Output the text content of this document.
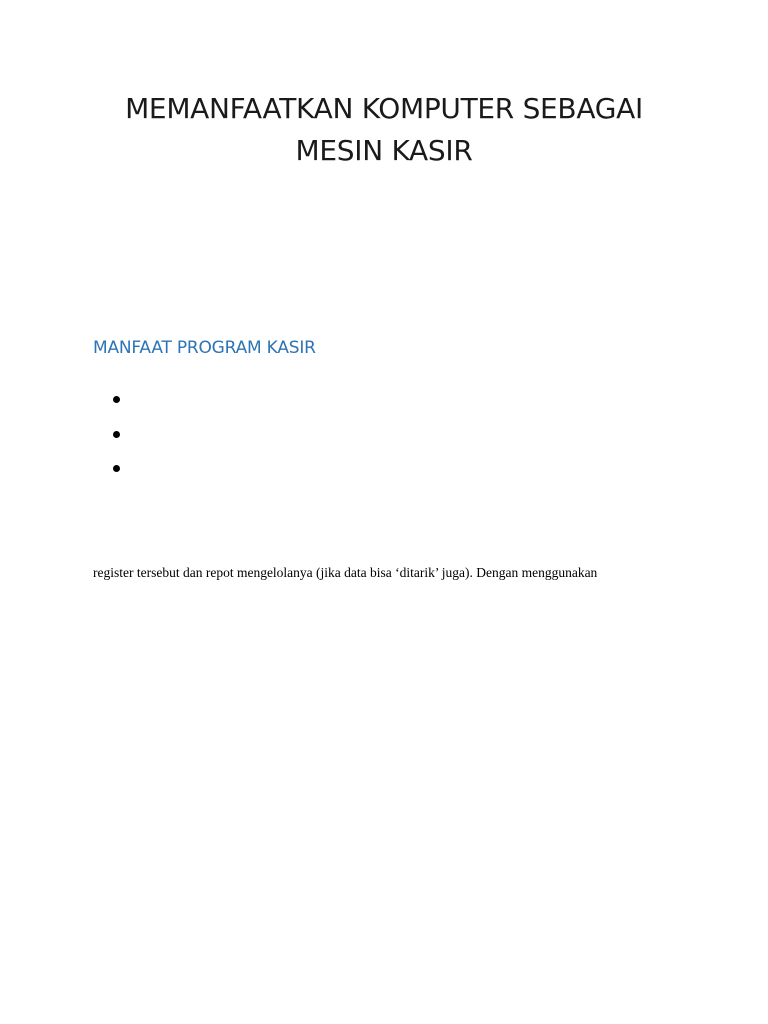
MEMANFAATKAN KOMPUTER SEBAGAI
MESIN KASIR
MANFAAT PROGRAM KASIR

register tersebut dan repot mengelolanya (jika data bisa ‘ditarik’ juga). Dengan menggunakan
